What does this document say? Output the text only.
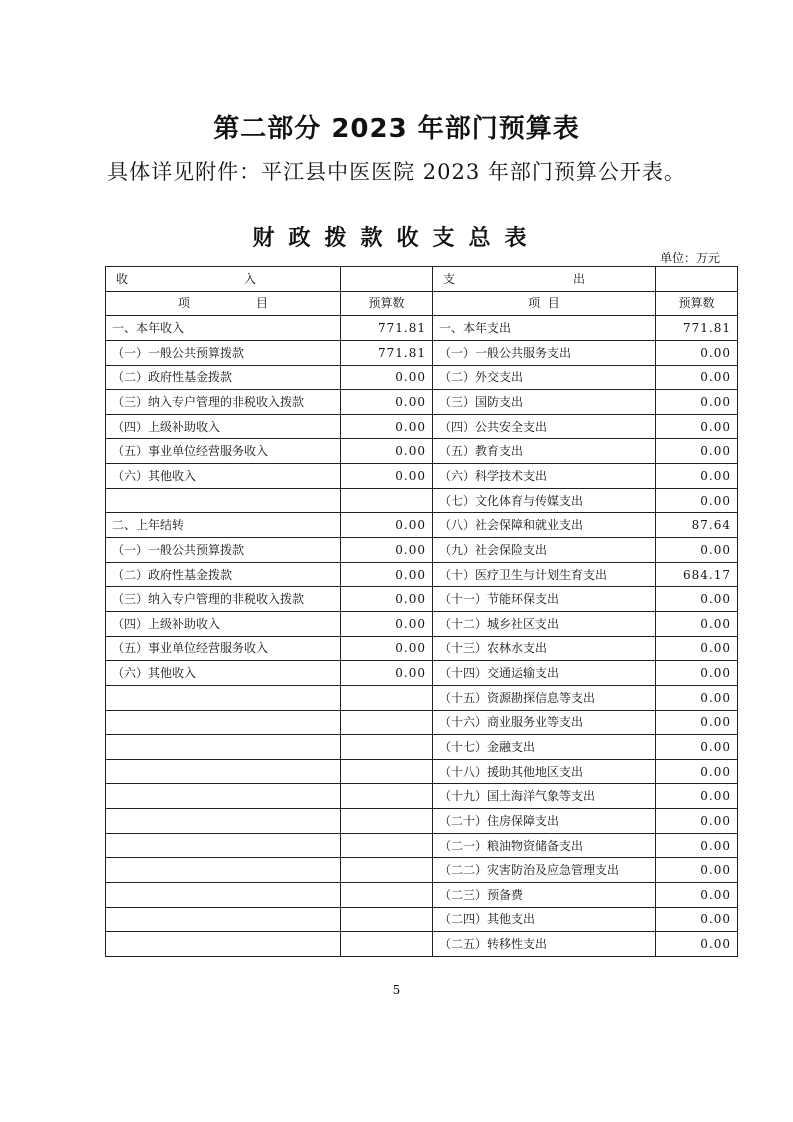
第二部分 2023 年部门预算表
具体详见附件：平江县中医医院 2023 年部门预算公开表。
财政拨款收支总表
单位：万元
收 入		支 出	

项 目	预算数	项  目	预算数
一、本年收入	771.81	一、本年支出	771.81
（一）一般公共预算拨款	771.81	（一）一般公共服务支出	0.00
（二）政府性基金拨款	0.00	（二）外交支出	0.00
（三）纳入专户管理的非税收入拨款	0.00	（三）国防支出	0.00
（四）上级补助收入	0.00	（四）公共安全支出	0.00
（五）事业单位经营服务收入	0.00	（五）教育支出	0.00
（六）其他收入	0.00	（六）科学技术支出	0.00
		（七）文化体育与传媒支出	0.00
二、上年结转	0.00	（八）社会保障和就业支出	87.64
（一）一般公共预算拨款	0.00	（九）社会保险支出	0.00
（二）政府性基金拨款	0.00	（十）医疗卫生与计划生育支出	684.17
（三）纳入专户管理的非税收入拨款	0.00	（十一）节能环保支出	0.00
（四）上级补助收入	0.00	（十二）城乡社区支出	0.00
（五）事业单位经营服务收入	0.00	（十三）农林水支出	0.00
（六）其他收入	0.00	（十四）交通运输支出	0.00
		（十五）资源勘探信息等支出	0.00
		（十六）商业服务业等支出	0.00
		（十七）金融支出	0.00
		（十八）援助其他地区支出	0.00
		（十九）国土海洋气象等支出	0.00
		（二十）住房保障支出	0.00
		（二一）粮油物资储备支出	0.00
		（二二）灾害防治及应急管理支出	0.00
		（二三）预备费	0.00
		（二四）其他支出	0.00
		（二五）转移性支出	0.00
5
